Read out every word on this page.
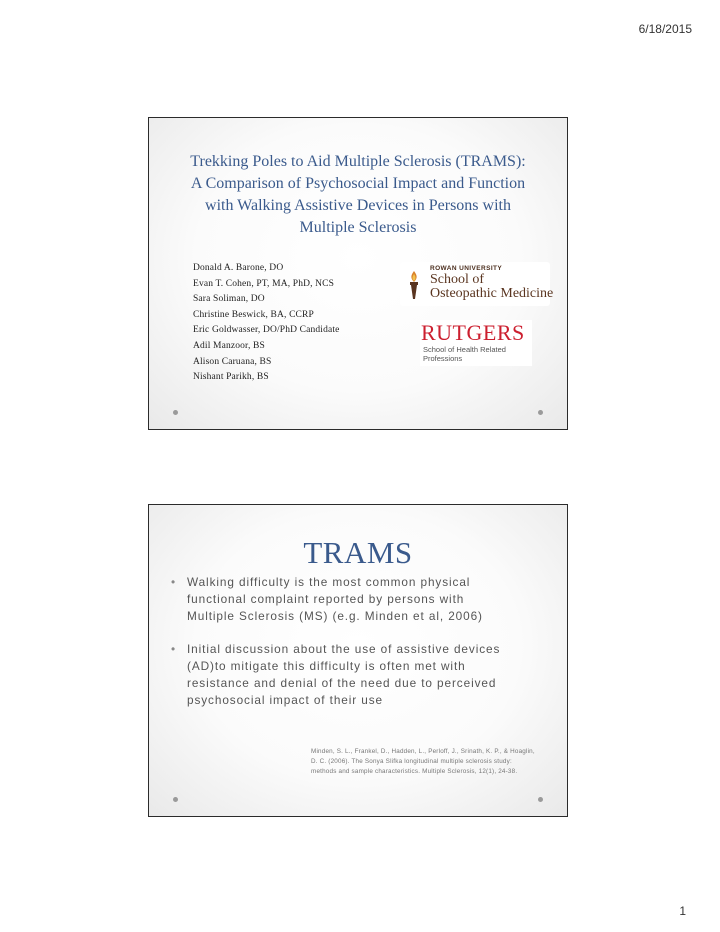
6/18/2015
Trekking Poles to Aid Multiple Sclerosis (TRAMS):
A Comparison of Psychosocial Impact and Function
with Walking Assistive Devices in Persons with
Multiple Sclerosis
Donald A. Barone, DO
Evan T. Cohen, PT, MA, PhD, NCS
Sara Soliman, DO
Christine Beswick, BA, CCRP
Eric Goldwasser, DO/PhD Candidate
Adil Manzoor, BS
Alison Caruana, BS
Nishant Parikh, BS
ROWAN UNIVERSITY
School of
Osteopathic Medicine
RUTGERS
School of Health Related
Professions
TRAMS
• Walking difficulty is the most common physical
functional complaint reported by persons with
Multiple Sclerosis (MS) (e.g. Minden et al, 2006)
• Initial discussion about the use of assistive devices
(AD)to mitigate this difficulty is often met with
resistance and denial of the need due to perceived
psychosocial impact of their use
Minden, S. L., Frankel, D., Hadden, L., Perloff, J., Srinath, K. P., & Hoaglin,
D. C. (2006). The Sonya Slifka longitudinal multiple sclerosis study:
methods and sample characteristics. Multiple Sclerosis, 12(1), 24-38.
1
